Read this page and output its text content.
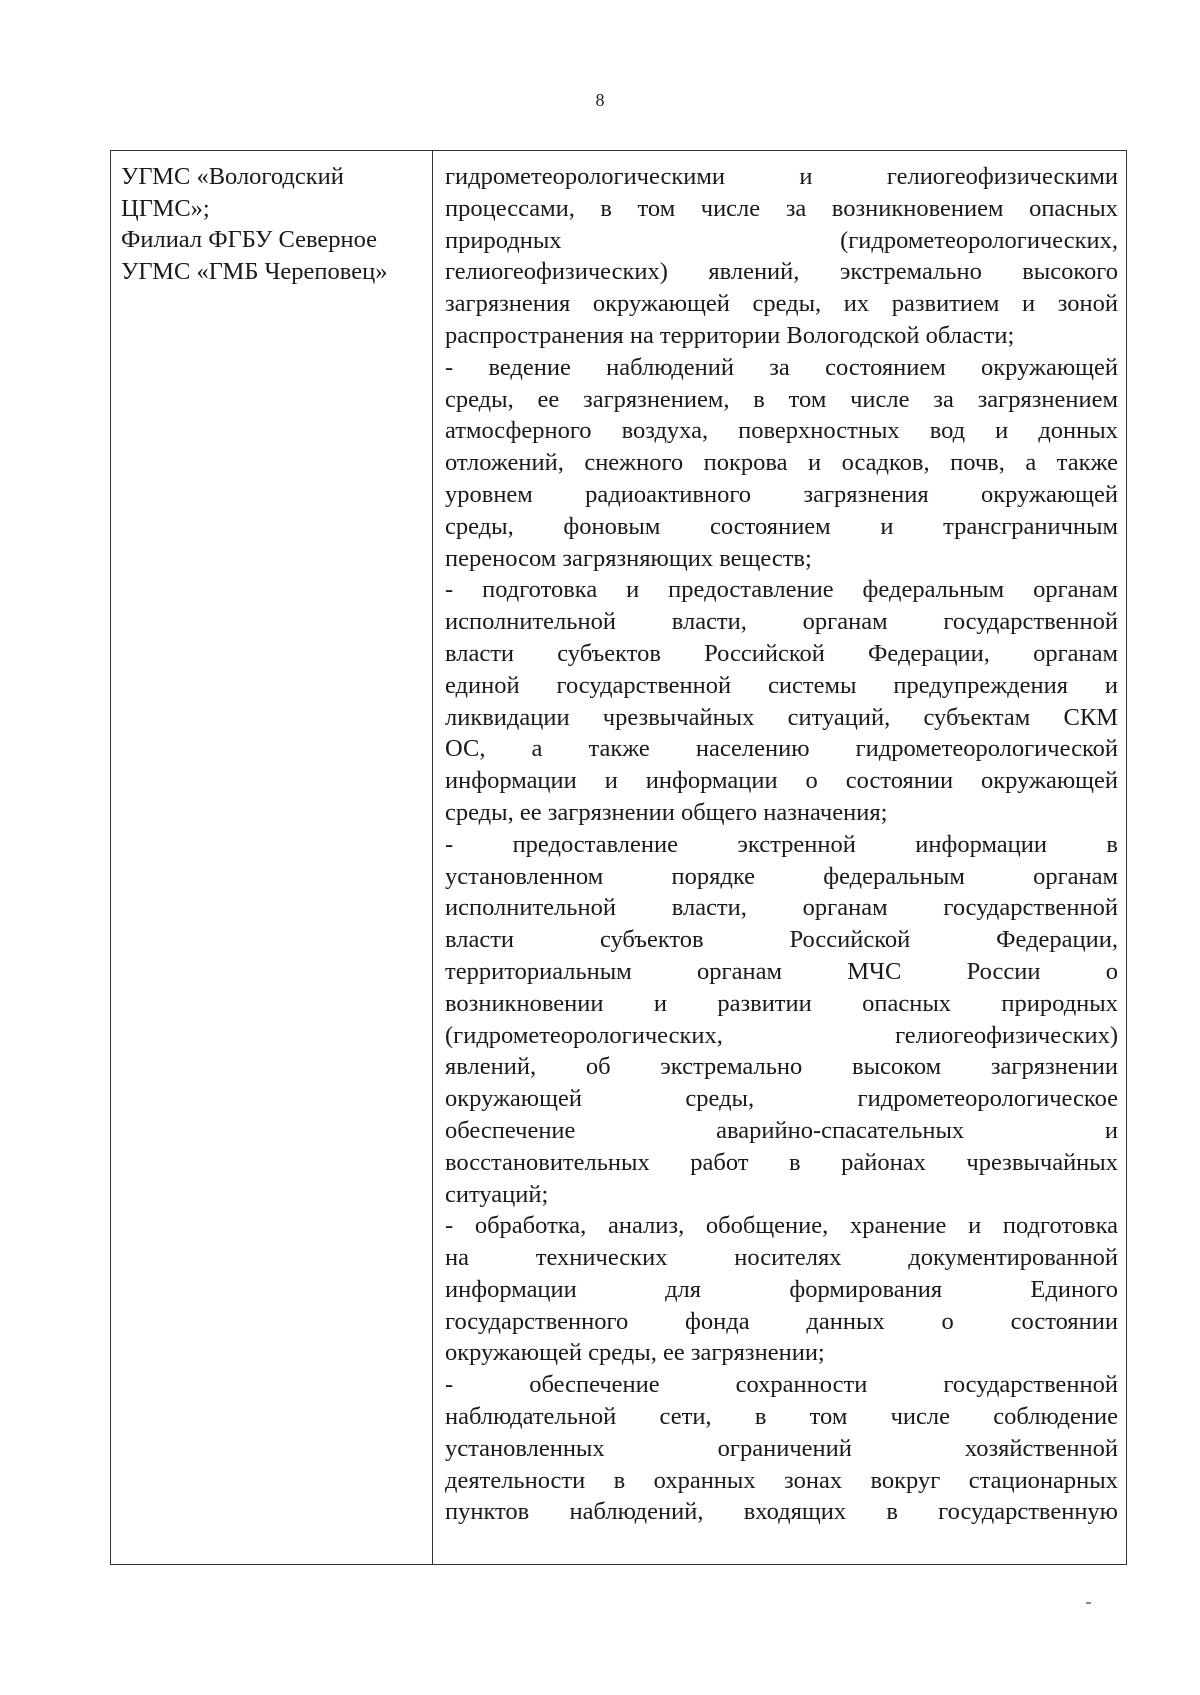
8
УГМС «Вологодский
ЦГМС»;
Филиал ФГБУ Северное
УГМС «ГМБ Череповец»
гидрометеорологическими и гелиогеофизическими
процессами, в том числе за возникновением опасных
природных (гидрометеорологических,
гелиогеофизических) явлений, экстремально высокого
загрязнения окружающей среды, их развитием и зоной
распространения на территории Вологодской области;
- ведение наблюдений за состоянием окружающей
среды, ее загрязнением, в том числе за загрязнением
атмосферного воздуха, поверхностных вод и донных
отложений, снежного покрова и осадков, почв, а также
уровнем радиоактивного загрязнения окружающей
среды, фоновым состоянием и трансграничным
переносом загрязняющих веществ;
- подготовка и предоставление федеральным органам
исполнительной власти, органам государственной
власти субъектов Российской Федерации, органам
единой государственной системы предупреждения и
ликвидации чрезвычайных ситуаций, субъектам СКМ
ОС, а также населению гидрометеорологической
информации и информации о состоянии окружающей
среды, ее загрязнении общего назначения;
- предоставление экстренной информации в
установленном порядке федеральным органам
исполнительной власти, органам государственной
власти субъектов Российской Федерации,
территориальным органам МЧС России о
возникновении и развитии опасных природных
(гидрометеорологических, гелиогеофизических)
явлений, об экстремально высоком загрязнении
окружающей среды, гидрометеорологическое
обеспечение аварийно-спасательных и
восстановительных работ в районах чрезвычайных
ситуаций;
- обработка, анализ, обобщение, хранение и подготовка
на технических носителях документированной
информации для формирования Единого
государственного фонда данных о состоянии
окружающей среды, ее загрязнении;
- обеспечение сохранности государственной
наблюдательной сети, в том числе соблюдение
установленных ограничений хозяйственной
деятельности в охранных зонах вокруг стационарных
пунктов наблюдений, входящих в государственную
